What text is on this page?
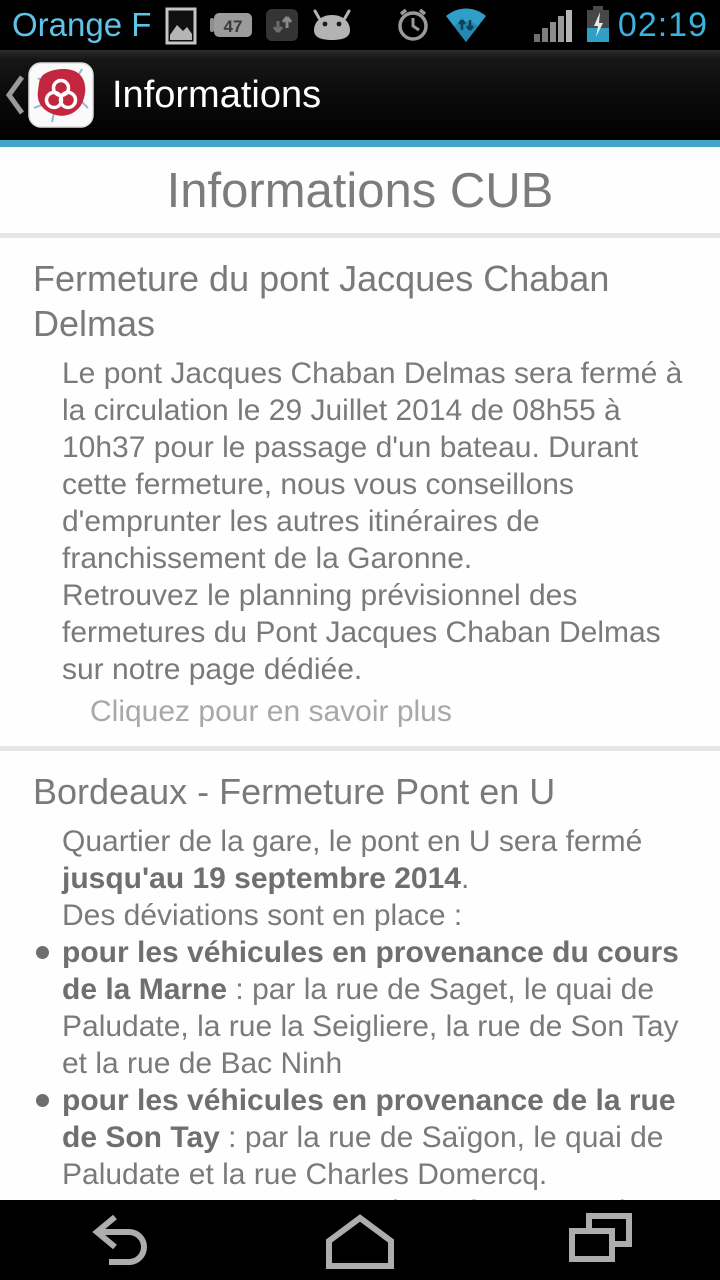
Orange F	47	02:19
Informations
Informations CUB
Fermeture du pont Jacques Chaban Delmas

Le pont Jacques Chaban Delmas sera fermé à la circulation le 29 Juillet 2014 de 08h55 à 10h37 pour le passage d'un bateau. Durant cette fermeture, nous vous conseillons d'emprunter les autres itinéraires de franchissement de la Garonne.

Retrouvez le planning prévisionnel des fermetures du Pont Jacques Chaban Delmas sur notre page dédiée.

Cliquez pour en savoir plus

Bordeaux - Fermeture Pont en U

Quartier de la gare, le pont en U sera fermé jusqu'au 19 septembre 2014.

Des déviations sont en place :

pour les véhicules en provenance du cours de la Marne : par la rue de Saget, le quai de Paludate, la rue la Seigliere, la rue de Son Tay et la rue de Bac Ninh
pour les véhicules en provenance de la rue de Son Tay : par la rue de Saïgon, le quai de Paludate et la rue Charles Domercq.
